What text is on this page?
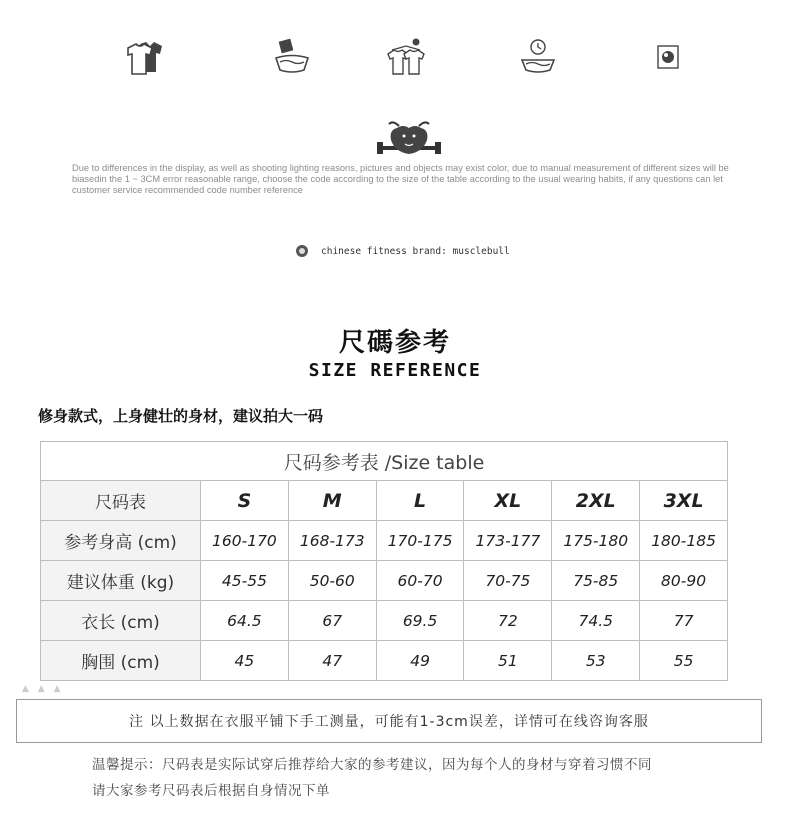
Due to differences in the display, as well as shooting lighting reasons, pictures and objects may exist color, due to manual measurement of different sizes will be biasedin the 1 ~ 3CM error reasonable range, choose the code according to the size of the table according to the usual wearing habits, if any questions can let customer service recommended code number reference

chinese fitness brand: musclebull
尺碼参考
SIZE REFERENCE
修身款式，上身健壮的身材，建议拍大一码
尺码参考表 /Size table						
尺码表	S	M	L	XL	2XL	3XL
参考身高 (cm)	160-170	168-173	170-175	173-177	175-180	180-185
建议体重 (kg)	45-55	50-60	60-70	70-75	75-85	80-90
衣长 (cm)	64.5	67	69.5	72	74.5	77
胸围 (cm)	45	47	49	51	53	55
▲ ▲ ▲
注 以上数据在衣服平铺下手工测量，可能有1-3cm误差，详情可在线咨询客服
温馨提示：尺码表是实际试穿后推荐给大家的参考建议，因为每个人的身材与穿着习惯不同
请大家参考尺码表后根据自身情况下单
